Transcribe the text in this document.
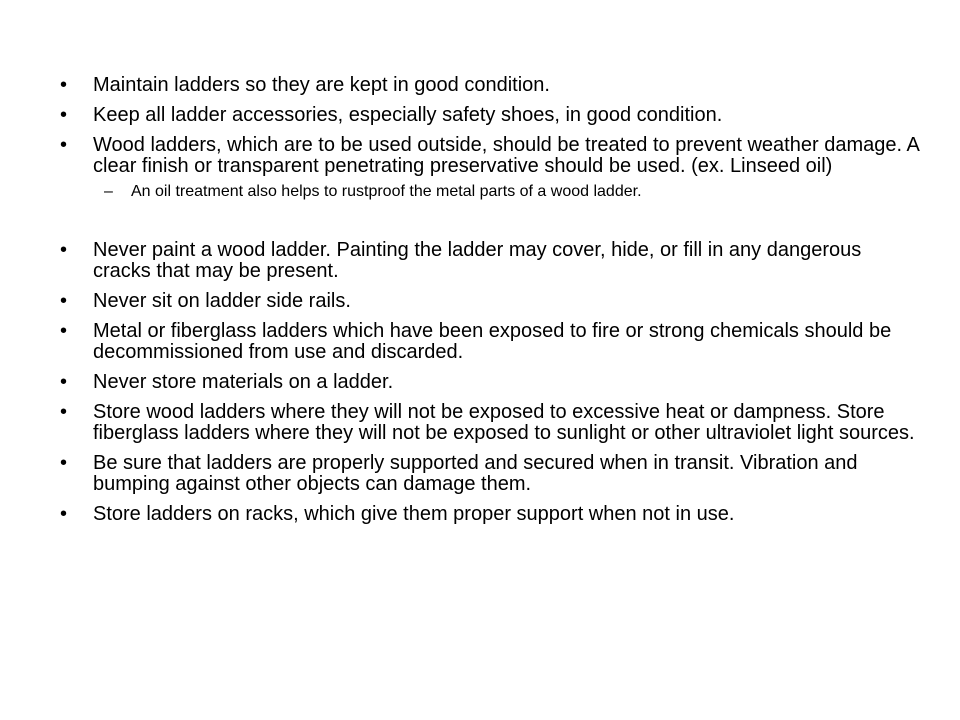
• Maintain ladders so they are kept in good condition.
• Keep all ladder accessories, especially safety shoes, in good condition.
• Wood ladders, which are to be used outside, should be treated to prevent weather damage. A clear finish or transparent penetrating preservative should be used. (ex. Linseed oil)
– An oil treatment also helps to rustproof the metal parts of a wood ladder.
• Never paint a wood ladder. Painting the ladder may cover, hide, or fill in any dangerous cracks that may be present.
• Never sit on ladder side rails.
• Metal or fiberglass ladders which have been exposed to fire or strong chemicals should be decommissioned from use and discarded.
• Never store materials on a ladder.
• Store wood ladders where they will not be exposed to excessive heat or dampness. Store fiberglass ladders where they will not be exposed to sunlight or other ultraviolet light sources.
• Be sure that ladders are properly supported and secured when in transit. Vibration and bumping against other objects can damage them.
• Store ladders on racks, which give them proper support when not in use.
